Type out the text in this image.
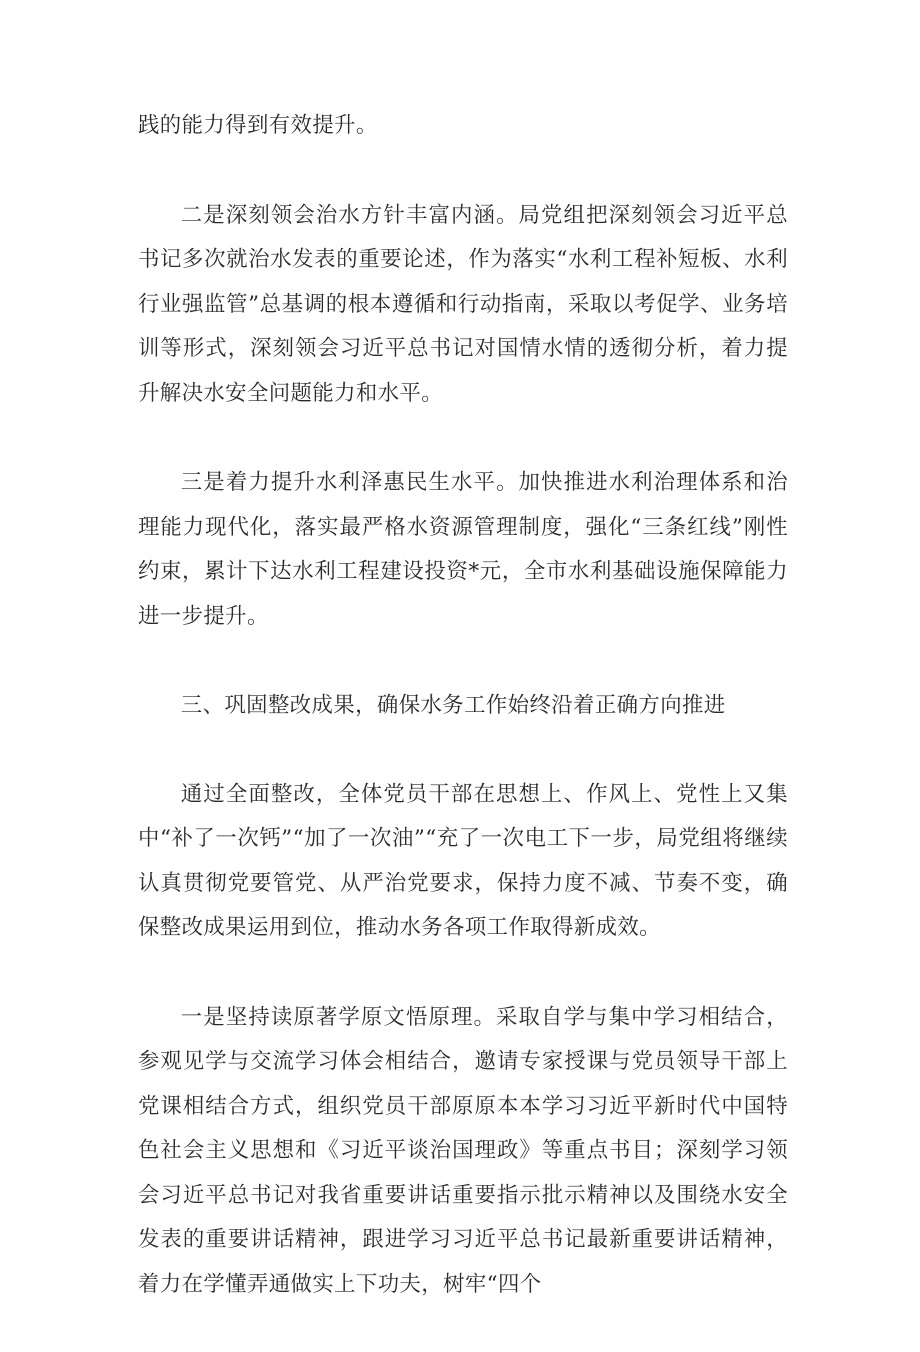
践的能力得到有效提升。

二是深刻领会治水方针丰富内涵。局党组把深刻领会习近平总书记多次就治水发表的重要论述，作为落实“水利工程补短板、水利行业强监管”总基调的根本遵循和行动指南，采取以考促学、业务培训等形式，深刻领会习近平总书记对国情水情的透彻分析，着力提升解决水安全问题能力和水平。

三是着力提升水利泽惠民生水平。加快推进水利治理体系和治理能力现代化，落实最严格水资源管理制度，强化“三条红线”刚性约束，累计下达水利工程建设投资*元，全市水利基础设施保障能力进一步提升。

三、巩固整改成果，确保水务工作始终沿着正确方向推进

通过全面整改，全体党员干部在思想上、作风上、党性上又集中“补了一次钙”“加了一次油”“充了一次电工下一步，局党组将继续认真贯彻党要管党、从严治党要求，保持力度不减、节奏不变，确保整改成果运用到位，推动水务各项工作取得新成效。

一是坚持读原著学原文悟原理。采取自学与集中学习相结合，参观见学与交流学习体会相结合，邀请专家授课与党员领导干部上党课相结合方式，组织党员干部原原本本学习习近平新时代中国特色社会主义思想和《习近平谈治国理政》等重点书目；深刻学习领会习近平总书记对我省重要讲话重要指示批示精神以及围绕水安全发表的重要讲话精神，跟进学习习近平总书记最新重要讲话精神，着力在学懂弄通做实上下功夫，树牢“四个
